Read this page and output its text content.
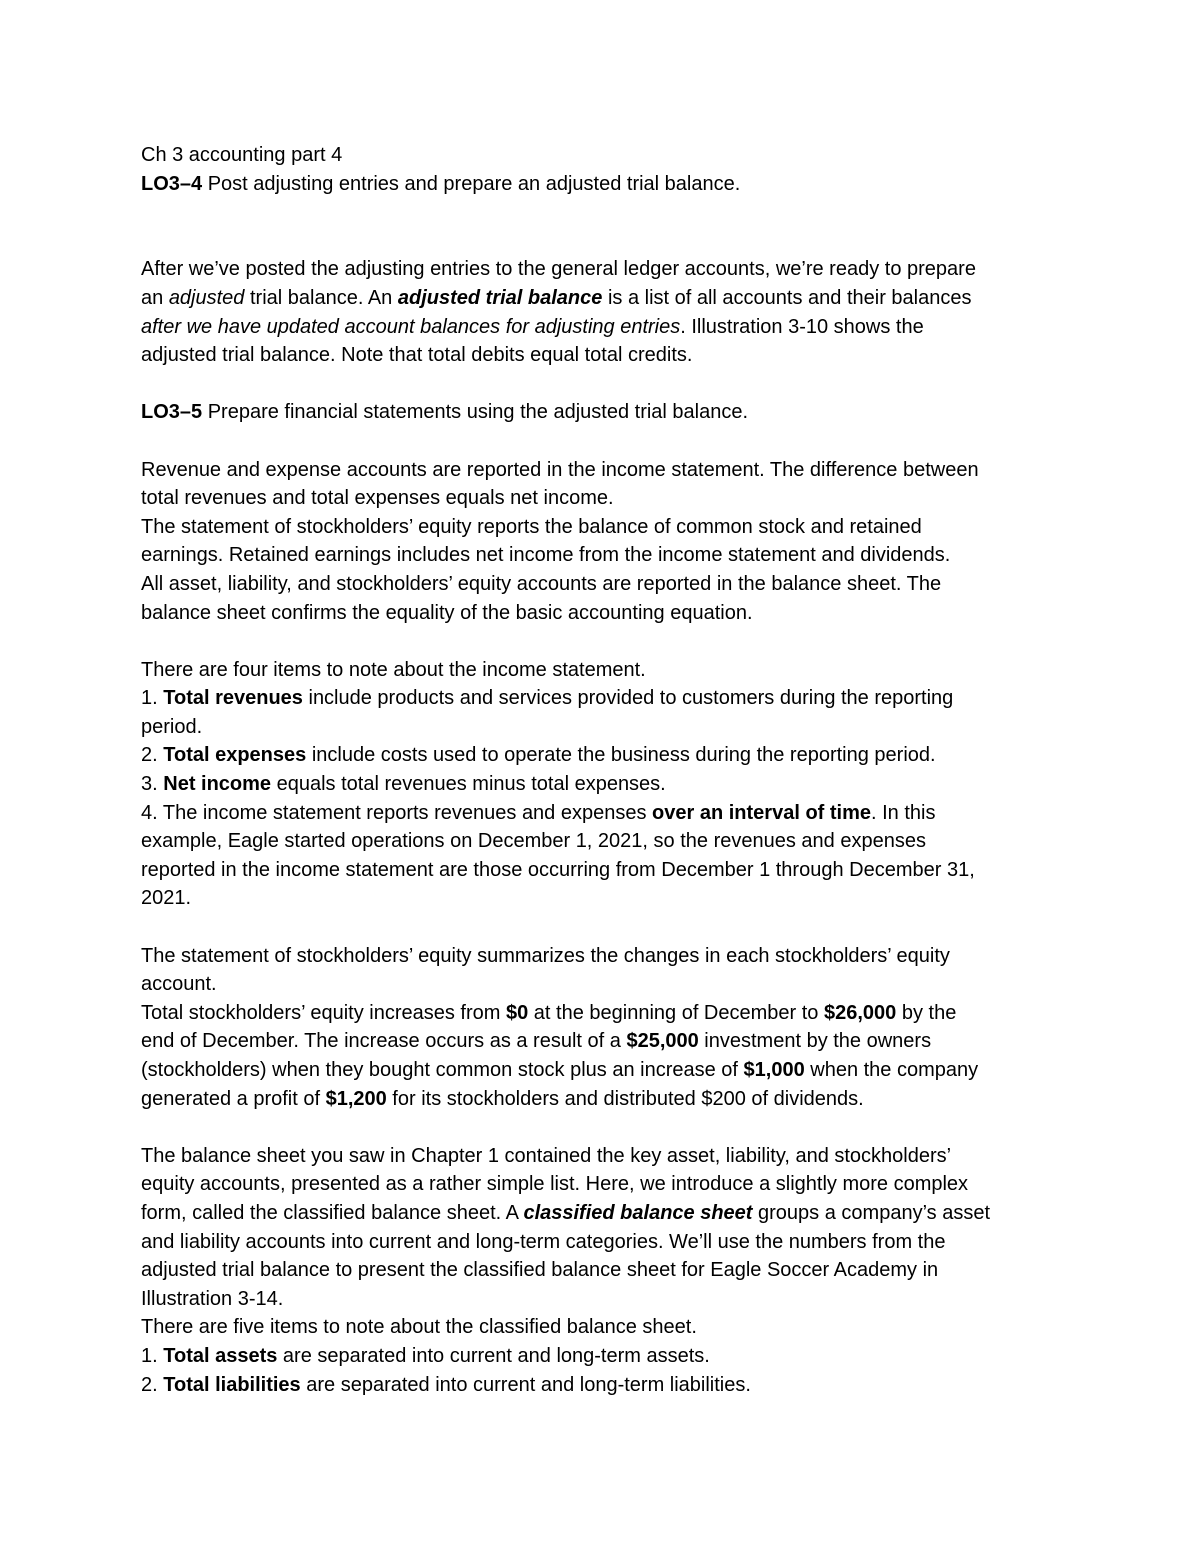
Ch 3 accounting part 4
LO3–4 Post adjusting entries and prepare an adjusted trial balance.
After we’ve posted the adjusting entries to the general ledger accounts, we’re ready to prepare
an adjusted trial balance. An adjusted trial balance is a list of all accounts and their balances
after we have updated account balances for adjusting entries. Illustration 3-10 shows the
adjusted trial balance. Note that total debits equal total credits.
LO3–5 Prepare financial statements using the adjusted trial balance.
Revenue and expense accounts are reported in the income statement. The difference between
total revenues and total expenses equals net income.
The statement of stockholders’ equity reports the balance of common stock and retained
earnings. Retained earnings includes net income from the income statement and dividends.
All asset, liability, and stockholders’ equity accounts are reported in the balance sheet. The
balance sheet confirms the equality of the basic accounting equation.
There are four items to note about the income statement.
1. Total revenues include products and services provided to customers during the reporting
period.
2. Total expenses include costs used to operate the business during the reporting period.
3. Net income equals total revenues minus total expenses.
4. The income statement reports revenues and expenses over an interval of time. In this
example, Eagle started operations on December 1, 2021, so the revenues and expenses
reported in the income statement are those occurring from December 1 through December 31,
2021.
The statement of stockholders’ equity summarizes the changes in each stockholders’ equity
account.
Total stockholders’ equity increases from $0 at the beginning of December to $26,000 by the
end of December. The increase occurs as a result of a $25,000 investment by the owners
(stockholders) when they bought common stock plus an increase of $1,000 when the company
generated a profit of $1,200 for its stockholders and distributed $200 of dividends.
The balance sheet you saw in Chapter 1 contained the key asset, liability, and stockholders’
equity accounts, presented as a rather simple list. Here, we introduce a slightly more complex
form, called the classified balance sheet. A classified balance sheet groups a company’s asset
and liability accounts into current and long-term categories. We’ll use the numbers from the
adjusted trial balance to present the classified balance sheet for Eagle Soccer Academy in
Illustration 3-14.
There are five items to note about the classified balance sheet.
1. Total assets are separated into current and long-term assets.
2. Total liabilities are separated into current and long-term liabilities.
